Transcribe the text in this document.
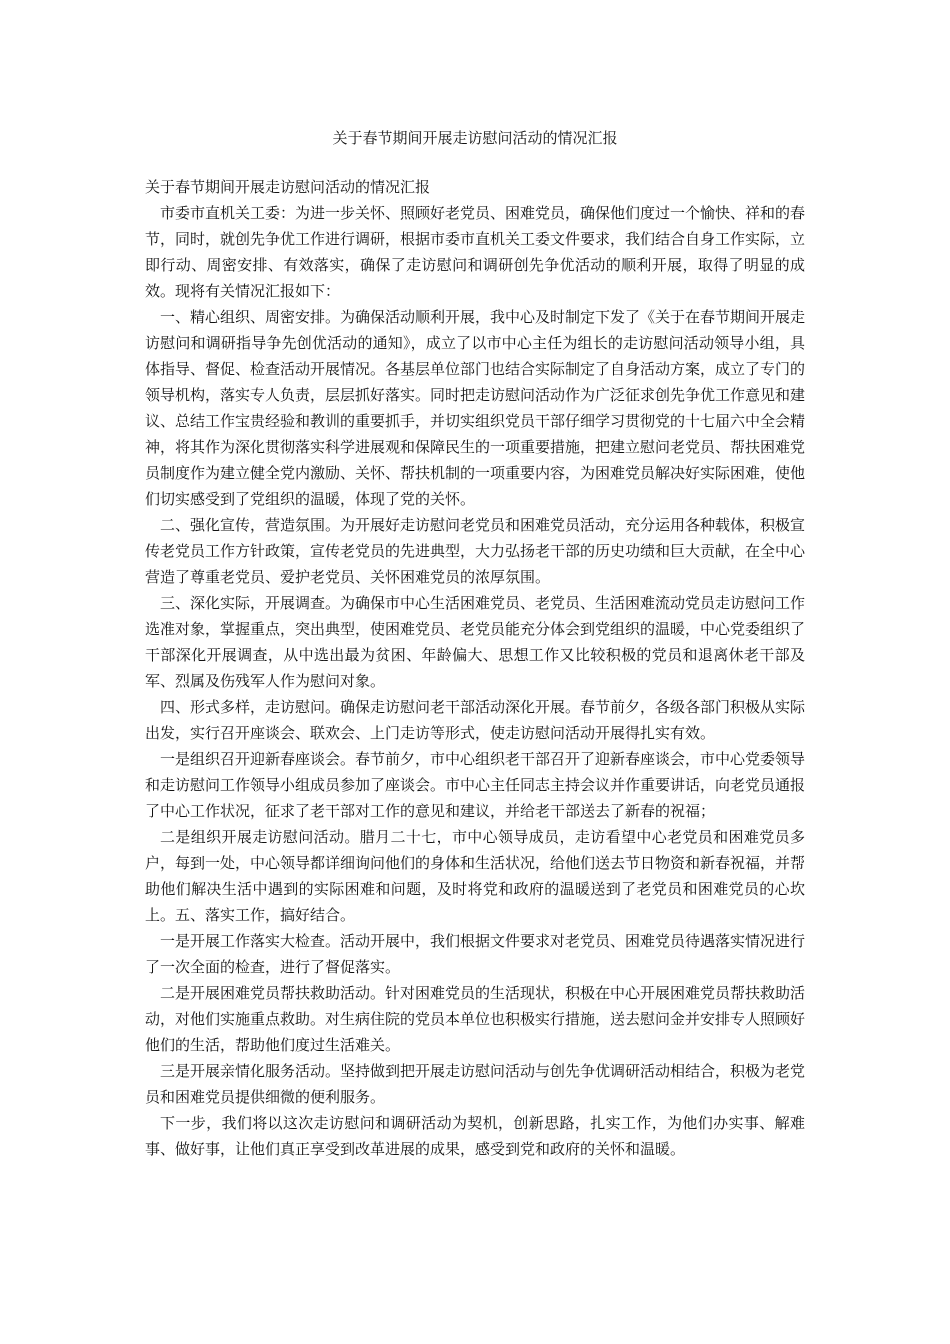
关于春节期间开展走访慰问活动的情况汇报

关于春节期间开展走访慰问活动的情况汇报

市委市直机关工委：为进一步关怀、照顾好老党员、困难党员，确保他们度过一个愉快、祥和的春节，同时，就创先争优工作进行调研，根据市委市直机关工委文件要求，我们结合自身工作实际，立即行动、周密安排、有效落实，确保了走访慰问和调研创先争优活动的顺利开展，取得了明显的成效。现将有关情况汇报如下：

一、精心组织、周密安排。为确保活动顺利开展，我中心及时制定下发了《关于在春节期间开展走访慰问和调研指导争先创优活动的通知》，成立了以市中心主任为组长的走访慰问活动领导小组，具体指导、督促、检查活动开展情况。各基层单位部门也结合实际制定了自身活动方案，成立了专门的领导机构，落实专人负责，层层抓好落实。同时把走访慰问活动作为广泛征求创先争优工作意见和建议、总结工作宝贵经验和教训的重要抓手，并切实组织党员干部仔细学习贯彻党的十七届六中全会精神，将其作为深化贯彻落实科学进展观和保障民生的一项重要措施，把建立慰问老党员、帮扶困难党员制度作为建立健全党内激励、关怀、帮扶机制的一项重要内容，为困难党员解决好实际困难，使他们切实感受到了党组织的温暖，体现了党的关怀。

二、强化宣传，营造氛围。为开展好走访慰问老党员和困难党员活动，充分运用各种载体，积极宣传老党员工作方针政策，宣传老党员的先进典型，大力弘扬老干部的历史功绩和巨大贡献，在全中心营造了尊重老党员、爱护老党员、关怀困难党员的浓厚氛围。

三、深化实际，开展调查。为确保市中心生活困难党员、老党员、生活困难流动党员走访慰问工作选准对象，掌握重点，突出典型，使困难党员、老党员能充分体会到党组织的温暖，中心党委组织了干部深化开展调查，从中选出最为贫困、年龄偏大、思想工作又比较积极的党员和退离休老干部及军、烈属及伤残军人作为慰问对象。

四、形式多样，走访慰问。确保走访慰问老干部活动深化开展。春节前夕，各级各部门积极从实际出发，实行召开座谈会、联欢会、上门走访等形式，使走访慰问活动开展得扎实有效。

一是组织召开迎新春座谈会。春节前夕，市中心组织老干部召开了迎新春座谈会，市中心党委领导和走访慰问工作领导小组成员参加了座谈会。市中心主任同志主持会议并作重要讲话，向老党员通报了中心工作状况，征求了老干部对工作的意见和建议，并给老干部送去了新春的祝福；

二是组织开展走访慰问活动。腊月二十七，市中心领导成员，走访看望中心老党员和困难党员多户，每到一处，中心领导都详细询问他们的身体和生活状况，给他们送去节日物资和新春祝福，并帮助他们解决生活中遇到的实际困难和问题，及时将党和政府的温暖送到了老党员和困难党员的心坎上。五、落实工作，搞好结合。

一是开展工作落实大检查。活动开展中，我们根据文件要求对老党员、困难党员待遇落实情况进行了一次全面的检查，进行了督促落实。

二是开展困难党员帮扶救助活动。针对困难党员的生活现状，积极在中心开展困难党员帮扶救助活动，对他们实施重点救助。对生病住院的党员本单位也积极实行措施，送去慰问金并安排专人照顾好他们的生活，帮助他们度过生活难关。

三是开展亲情化服务活动。坚持做到把开展走访慰问活动与创先争优调研活动相结合，积极为老党员和困难党员提供细微的便利服务。

下一步，我们将以这次走访慰问和调研活动为契机，创新思路，扎实工作，为他们办实事、解难事、做好事，让他们真正享受到改革进展的成果，感受到党和政府的关怀和温暖。
